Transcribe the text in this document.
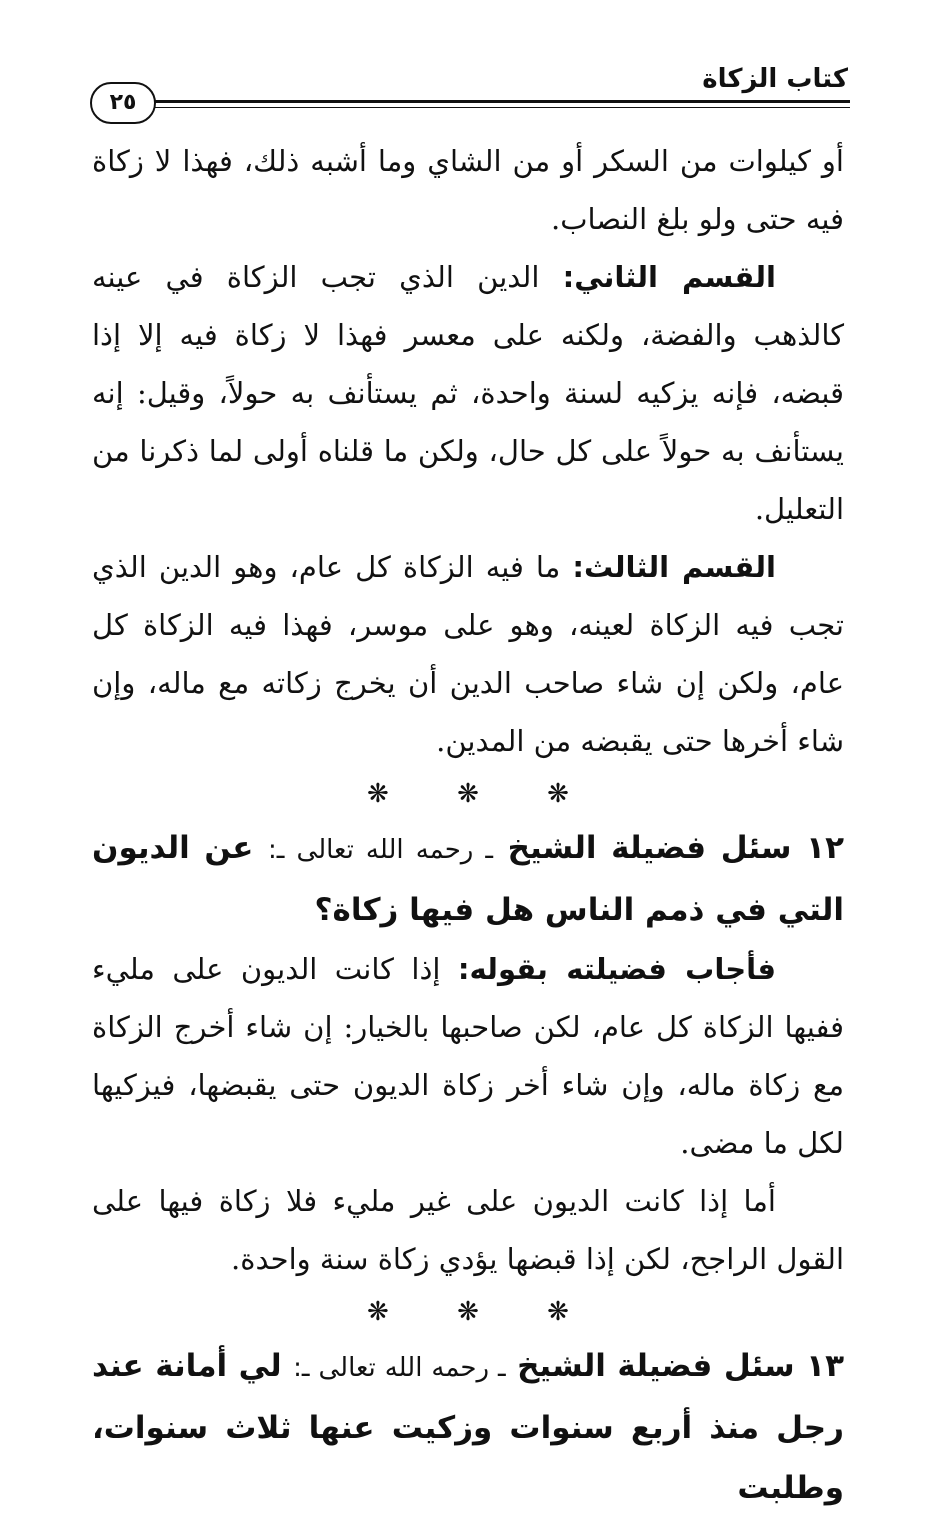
كتاب الزكاة
٢٥

أو كيلوات من السكر أو من الشاي وما أشبه ذلك، فهذا لا زكاة فيه حتى ولو بلغ النصاب.

القسم الثاني: الدين الذي تجب الزكاة في عينه كالذهب والفضة، ولكنه على معسر فهذا لا زكاة فيه إلا إذا قبضه، فإنه يزكيه لسنة واحدة، ثم يستأنف به حولاً، وقيل: إنه يستأنف به حولاً على كل حال، ولكن ما قلناه أولى لما ذكرنا من التعليل.

القسم الثالث: ما فيه الزكاة كل عام، وهو الدين الذي تجب فيه الزكاة لعينه، وهو على موسر، فهذا فيه الزكاة كل عام، ولكن إن شاء صاحب الدين أن يخرج زكاته مع ماله، وإن شاء أخرها حتى يقبضه من المدين.

❋ ❋ ❋

١٢ سئل فضيلة الشيخ ـ رحمه الله تعالى ـ: عن الديون التي في ذمم الناس هل فيها زكاة؟

فأجاب فضيلته بقوله: إذا كانت الديون على مليء ففيها الزكاة كل عام، لكن صاحبها بالخيار: إن شاء أخرج الزكاة مع زكاة ماله، وإن شاء أخر زكاة الديون حتى يقبضها، فيزكيها لكل ما مضى.

أما إذا كانت الديون على غير مليء فلا زكاة فيها على القول الراجح، لكن إذا قبضها يؤدي زكاة سنة واحدة.

❋ ❋ ❋

١٣ سئل فضيلة الشيخ ـ رحمه الله تعالى ـ: لي أمانة عند رجل منذ أربع سنوات وزكيت عنها ثلاث سنوات، وطلبت
